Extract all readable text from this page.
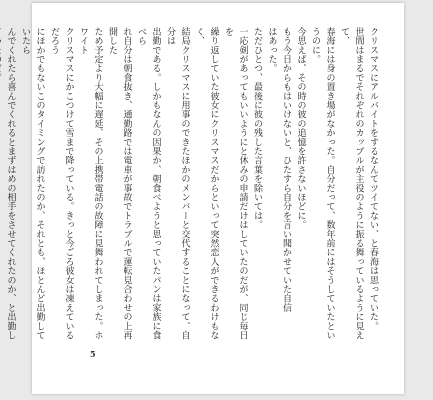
クリスマスにアルバイトをするなんてツイてない、と春海は思っていた。

世間はまるでそれぞれのカップルが主役のように振る舞っているように見えて、

春海には身の置き場がなかった。自分だって、数年前にはそうしていたというのに。

今思えば、その時の彼の追憶を許さないほどに。

もう今日からもはいけないと、ひたすら自分を言い聞かせていた自信

はあった。

ただひとつ、最後に彼の残した言葉を除いては。

一応剣があってもいいようにと休みの申請だけはしていたのだが、同じ毎日を

繰り返していた彼女にクリスマスだからといって突然恋人ができるわけもなく、

結局クリスマスに用事のできたほかのメンバーと交代することになって、自分は

出勤である。しかもなんの因果か、朝食べようと思っていたパンは家族に食べら

れ自分は朝食抜き、通勤路では電車が事故でトラブルで運転見合わせの上再開した

ため予定より大幅に遅延、その上携帯電話の故障に見舞われてしまった。ホワイト

クリスマスにかこつけて雪まで降っている。きっと今ごろ彼女は凍えているだろう

にほかでもないこのタイミングで訪れたのか、それとも、ほとんど出勤していたら

んでくれたら喜んでくれるとまずはめの相手をさせてくれたのか、と出勤し

5
